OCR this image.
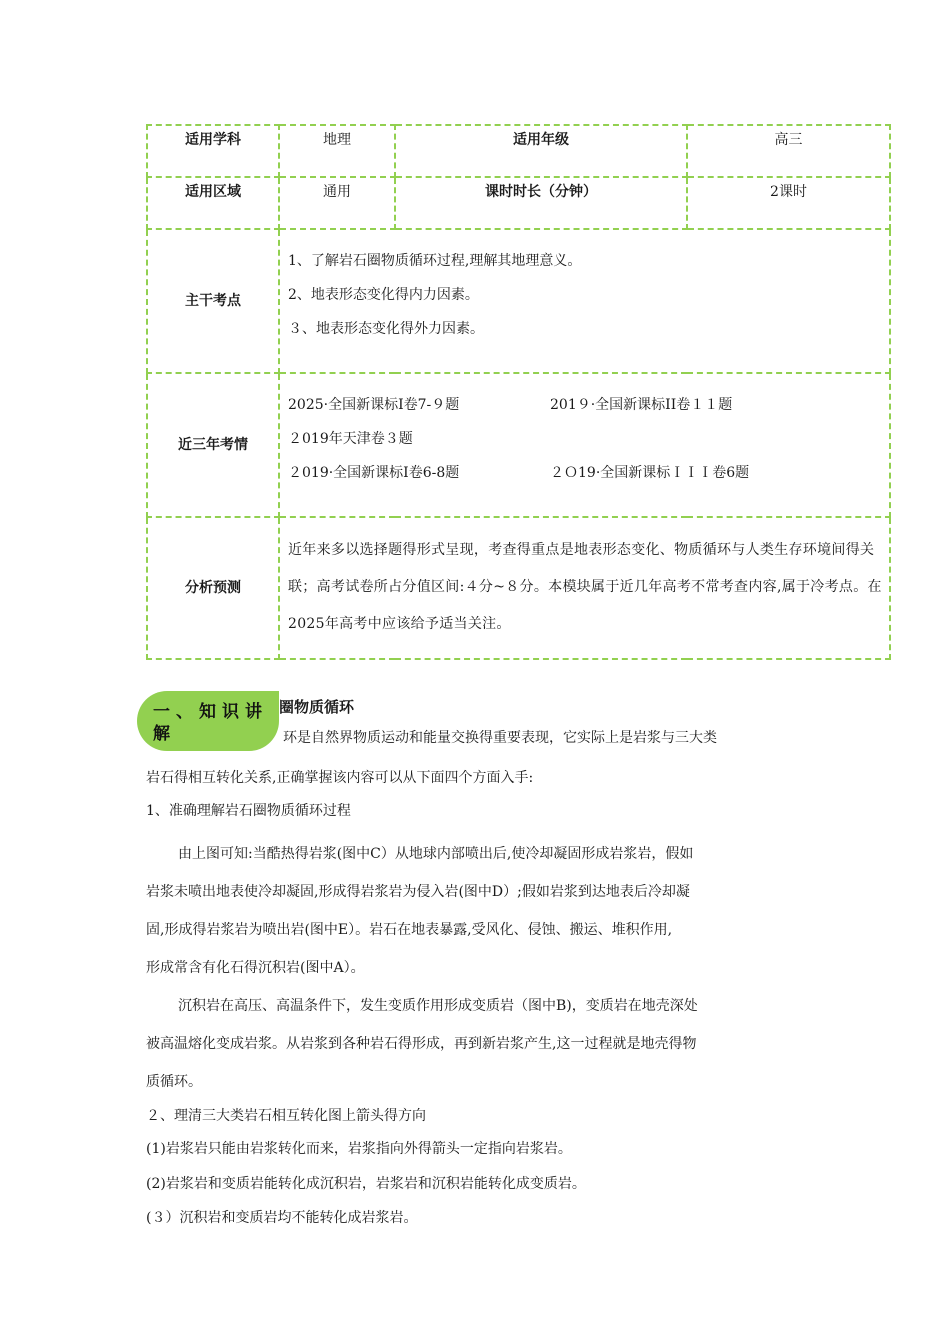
适用学科	地理	适用年级	高三
适用区域	通用	课时时长（分钟）	2课时
主干考点	1、了解岩石圈物质循环过程,理解其地理意义。

2、地表形态变化得内力因素。

３、地表形态变化得外力因素。		

近三年考情	2025·全国新课标Ⅰ卷7-９题 201９·全国新课标II卷１１题
２019年天津卷３题
２019·全国新课标Ⅰ卷6-8题 ２Ｏ19·全国新课标ＩＩＩ卷6题		

分析预测	近年来多以选择题得形式呈现，考查得重点是地表形态变化、物质循环与人类生存环境间得关联；高考试卷所占分值区间:４分~８分。本模块属于近几年高考不常考查内容,属于冷考点。在2025年高考中应该给予适当关注。		

一、知识讲解
圈物质循环
环是自然界物质运动和能量交换得重要表现，它实际上是岩浆与三大类

岩石得相互转化关系,正确掌握该内容可以从下面四个方面入手:

1、准确理解岩石圈物质循环过程

由上图可知:当酷热得岩浆(图中C）从地球内部喷出后,使冷却凝固形成岩浆岩，假如

岩浆未喷出地表使冷却凝固,形成得岩浆岩为侵入岩(图中D）;假如岩浆到达地表后冷却凝

固,形成得岩浆岩为喷出岩(图中E）。岩石在地表暴露,受风化、侵蚀、搬运、堆积作用,

形成常含有化石得沉积岩(图中A）。

沉积岩在高压、高温条件下，发生变质作用形成变质岩（图中B)，变质岩在地壳深处

被高温熔化变成岩浆。从岩浆到各种岩石得形成，再到新岩浆产生,这一过程就是地壳得物

质循环。

２、理清三大类岩石相互转化图上箭头得方向

(1)岩浆岩只能由岩浆转化而来，岩浆指向外得箭头一定指向岩浆岩。

(2)岩浆岩和变质岩能转化成沉积岩，岩浆岩和沉积岩能转化成变质岩。

(３）沉积岩和变质岩均不能转化成岩浆岩。
